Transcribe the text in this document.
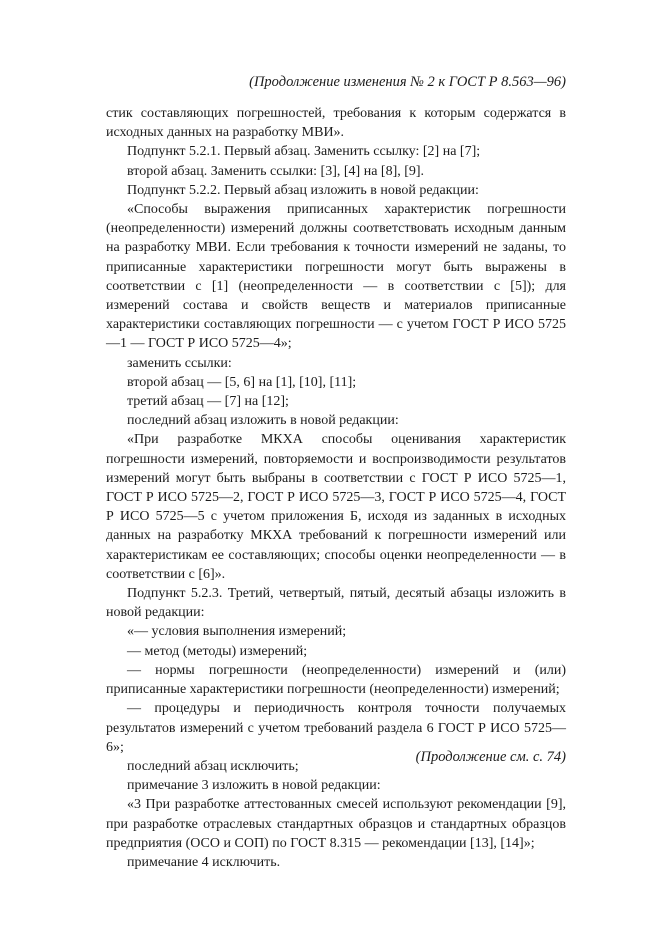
(Продолжение изменения № 2 к ГОСТ Р 8.563—96)

стик составляющих погрешностей, требования к которым содержатся в исходных данных на разработку МВИ».

Подпункт 5.2.1. Первый абзац. Заменить ссылку: [2] на [7];

второй абзац. Заменить ссылки: [3], [4] на [8], [9].

Подпункт 5.2.2. Первый абзац изложить в новой редакции:

«Способы выражения приписанных характеристик погрешности (неопределенности) измерений должны соответствовать исходным данным на разработку МВИ. Если требования к точности измерений не заданы, то приписанные характеристики погрешности могут быть выражены в соответствии с [1] (неопределенности — в соответствии с [5]); для измерений состава и свойств веществ и материалов приписанные характеристики составляющих погрешности — с учетом ГОСТ Р ИСО 5725—1 — ГОСТ Р ИСО 5725—4»;

заменить ссылки:

второй абзац — [5, 6] на [1], [10], [11];

третий абзац — [7] на [12];

последний абзац изложить в новой редакции:

«При разработке МКХА способы оценивания характеристик погрешности измерений, повторяемости и воспроизводимости результатов измерений могут быть выбраны в соответствии с ГОСТ Р ИСО 5725—1, ГОСТ Р ИСО 5725—2, ГОСТ Р ИСО 5725—3, ГОСТ Р ИСО 5725—4, ГОСТ Р ИСО 5725—5 с учетом приложения Б, исходя из заданных в исходных данных на разработку МКХА требований к погрешности измерений или характеристикам ее составляющих; способы оценки неопределенности — в соответствии с [6]».

Подпункт 5.2.3. Третий, четвертый, пятый, десятый абзацы изложить в новой редакции:

«— условия выполнения измерений;

— метод (методы) измерений;

— нормы погрешности (неопределенности) измерений и (или) приписанные характеристики погрешности (неопределенности) измерений;

— процедуры и периодичность контроля точности получаемых результатов измерений с учетом требований раздела 6 ГОСТ Р ИСО 5725—6»;

последний абзац исключить;

примечание 3 изложить в новой редакции:

«3 При разработке аттестованных смесей используют рекомендации [9], при разработке отраслевых стандартных образцов и стандартных образцов предприятия (ОСО и СОП) по ГОСТ 8.315 — рекомендации [13], [14]»;

примечание 4 исключить.

(Продолжение см. с. 74)
